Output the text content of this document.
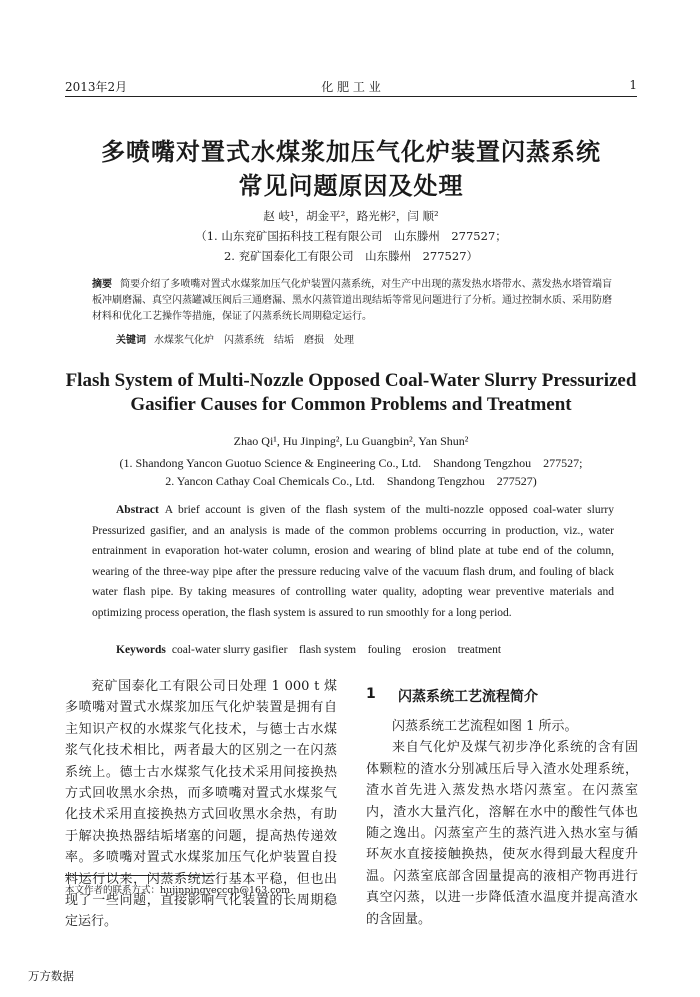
2013年2月	化 肥 工 业	1
多喷嘴对置式水煤浆加压气化炉装置闪蒸系统
常见问题原因及处理
赵 岐¹，胡金平²，路光彬²，闫 顺²
（1. 山东兖矿国拓科技工程有限公司　山东滕州　277527；
2. 兖矿国泰化工有限公司　山东滕州　277527）
摘要 简要介绍了多喷嘴对置式水煤浆加压气化炉装置闪蒸系统，对生产中出现的蒸发热水塔带水、蒸发热水塔管端盲板冲刷磨漏、真空闪蒸罐减压阀后三通磨漏、黑水闪蒸管道出现结垢等常见问题进行了分析。通过控制水质、采用防磨材料和优化工艺操作等措施，保证了闪蒸系统长周期稳定运行。
关键词 水煤浆气化炉　闪蒸系统　结垢　磨损　处理
Flash System of Multi-Nozzle Opposed Coal-Water Slurry Pressurized
Gasifier Causes for Common Problems and Treatment
Zhao Qi¹, Hu Jinping², Lu Guangbin², Yan Shun²
(1. Shandong Yancon Guotuo Science & Engineering Co., Ltd.　Shandong Tengzhou　277527;
2. Yancon Cathay Coal Chemicals Co., Ltd.　Shandong Tengzhou　277527)
Abstract A brief account is given of the flash system of the multi-nozzle opposed coal-water slurry Pressurized gasifier, and an analysis is made of the common problems occurring in production, viz., water entrainment in evaporation hot-water column, erosion and wearing of blind plate at tube end of the column, wearing of the three-way pipe after the pressure reducing valve of the vacuum flash drum, and fouling of black water flash pipe. By taking measures of controlling water quality, adopting wear preventive materials and optimizing process operation, the flash system is assured to run smoothly for a long period.
Keywords coal-water slurry gasifier　flash system　fouling　erosion　treatment

兖矿国泰化工有限公司日处理 1 000 t 煤多喷嘴对置式水煤浆加压气化炉装置是拥有自主知识产权的水煤浆气化技术，与德士古水煤浆气化技术相比，两者最大的区别之一在闪蒸系统上。德士古水煤浆气化技术采用间接换热方式回收黑水余热，而多喷嘴对置式水煤浆气化技术采用直接换热方式回收黑水余热，有助于解决换热器结垢堵塞的问题，提高热传递效率。多喷嘴对置式水煤浆加压气化炉装置自投料运行以来，闪蒸系统运行基本平稳，但也出现了一些问题，直接影响气化装置的长周期稳定运行。

1 闪蒸系统工艺流程简介

闪蒸系统工艺流程如图 1 所示。

来自气化炉及煤气初步净化系统的含有固体颗粒的渣水分别减压后导入渣水处理系统，渣水首先进入蒸发热水塔闪蒸室。在闪蒸室内，渣水大量汽化，溶解在水中的酸性气体也随之逸出。闪蒸室产生的蒸汽进入热水室与循环灰水直接接触换热，使灰水得到最大程度升温。闪蒸室底部含固量提高的液相产物再进行真空闪蒸，以进一步降低渣水温度并提高渣水的含固量。

本文作者的联系方式：hujinpingyeccqh@163.com
万方数据
